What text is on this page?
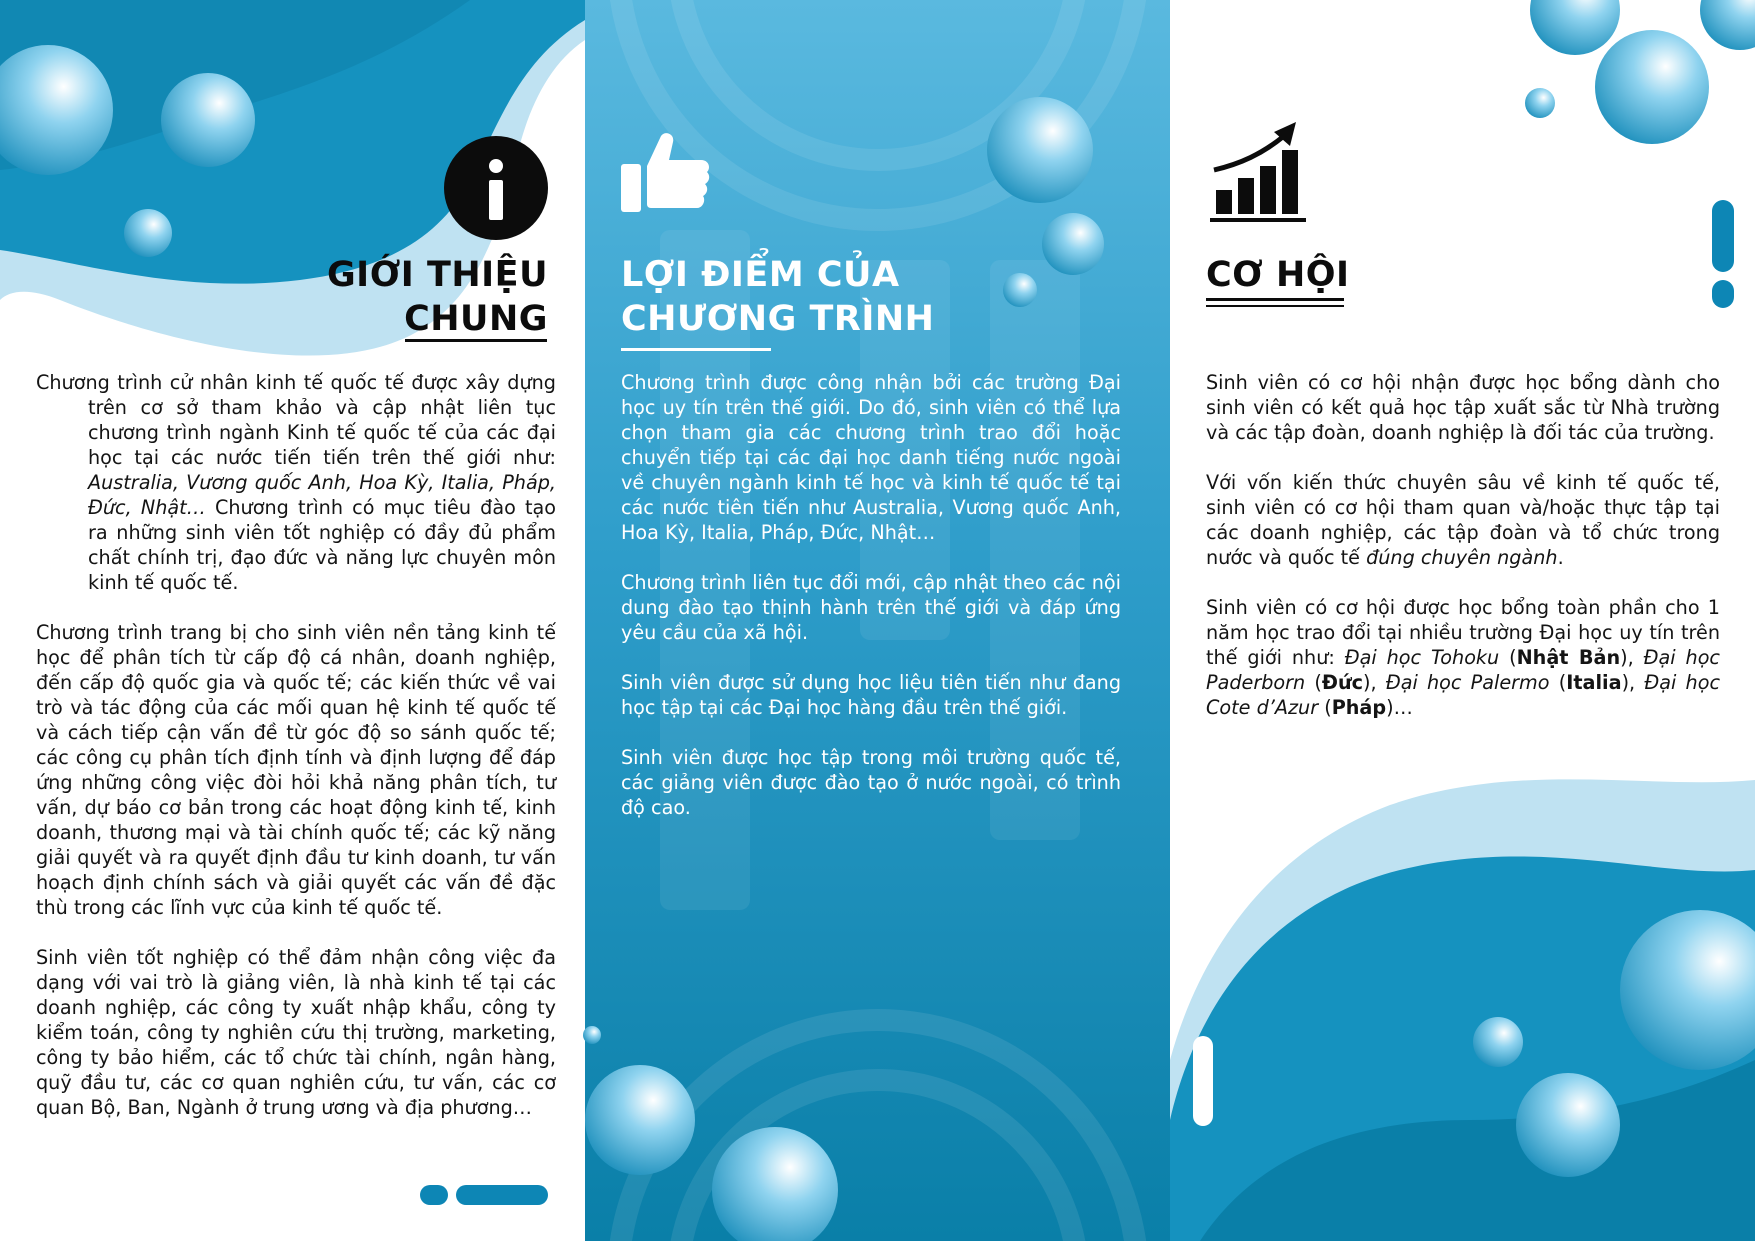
GIỚI THIỆU
CHUNG

Chương trình cử nhân kinh tế quốc tế được xây dựng trên cơ sở tham khảo và cập nhật liên tục chương trình ngành Kinh tế quốc tế của các đại học tại các nước tiến tiến trên thế giới như: Australia, Vương quốc Anh, Hoa Kỳ, Italia, Pháp, Đức, Nhật… Chương trình có mục tiêu đào tạo ra những sinh viên tốt nghiệp có đầy đủ phẩm chất chính trị, đạo đức và năng lực chuyên môn kinh tế quốc tế.

Chương trình trang bị cho sinh viên nền tảng kinh tế học để phân tích từ cấp độ cá nhân, doanh nghiệp, đến cấp độ quốc gia và quốc tế; các kiến thức về vai trò và tác động của các mối quan hệ kinh tế quốc tế và cách tiếp cận vấn đề từ góc độ so sánh quốc tế; các công cụ phân tích định tính và định lượng để đáp ứng những công việc đòi hỏi khả năng phân tích, tư vấn, dự báo cơ bản trong các hoạt động kinh tế, kinh doanh, thương mại và tài chính quốc tế; các kỹ năng giải quyết và ra quyết định đầu tư kinh doanh, tư vấn hoạch định chính sách và giải quyết các vấn đề đặc thù trong các lĩnh vực của kinh tế quốc tế.

Sinh viên tốt nghiệp có thể đảm nhận công việc đa dạng với vai trò là giảng viên, là nhà kinh tế tại các doanh nghiệp, các công ty xuất nhập khẩu, công ty kiểm toán, công ty nghiên cứu thị trường, marketing, công ty bảo hiểm, các tổ chức tài chính, ngân hàng, quỹ đầu tư, các cơ quan nghiên cứu, tư vấn, các cơ quan Bộ, Ban, Ngành ở trung ương và địa phương…

LỢI ĐIỂM CỦA
CHƯƠNG TRÌNH

Chương trình được công nhận bởi các trường Đại học uy tín trên thế giới. Do đó, sinh viên có thể lựa chọn tham gia các chương trình trao đổi hoặc chuyển tiếp tại các đại học danh tiếng nước ngoài về chuyên ngành kinh tế học và kinh tế quốc tế tại các nước tiên tiến như Australia, Vương quốc Anh, Hoa Kỳ, Italia, Pháp, Đức, Nhật…

Chương trình liên tục đổi mới, cập nhật theo các nội dung đào tạo thịnh hành trên thế giới và đáp ứng yêu cầu của xã hội.

Sinh viên được sử dụng học liệu tiên tiến như đang học tập tại các Đại học hàng đầu trên thế giới.

Sinh viên được học tập trong môi trường quốc tế, các giảng viên được đào tạo ở nước ngoài, có trình độ cao.

CƠ HỘI

Sinh viên có cơ hội nhận được học bổng dành cho sinh viên có kết quả học tập xuất sắc từ Nhà trường và các tập đoàn, doanh nghiệp là đối tác của trường.

Với vốn kiến thức chuyên sâu về kinh tế quốc tế, sinh viên có cơ hội tham quan và/hoặc thực tập tại các doanh nghiệp, các tập đoàn và tổ chức trong nước và quốc tế đúng chuyên ngành.

Sinh viên có cơ hội được học bổng toàn phần cho 1 năm học trao đổi tại nhiều trường Đại học uy tín trên thế giới như: Đại học Tohoku (Nhật Bản), Đại học Paderborn (Đức), Đại học Palermo (Italia), Đại học Cote d’Azur (Pháp)…
